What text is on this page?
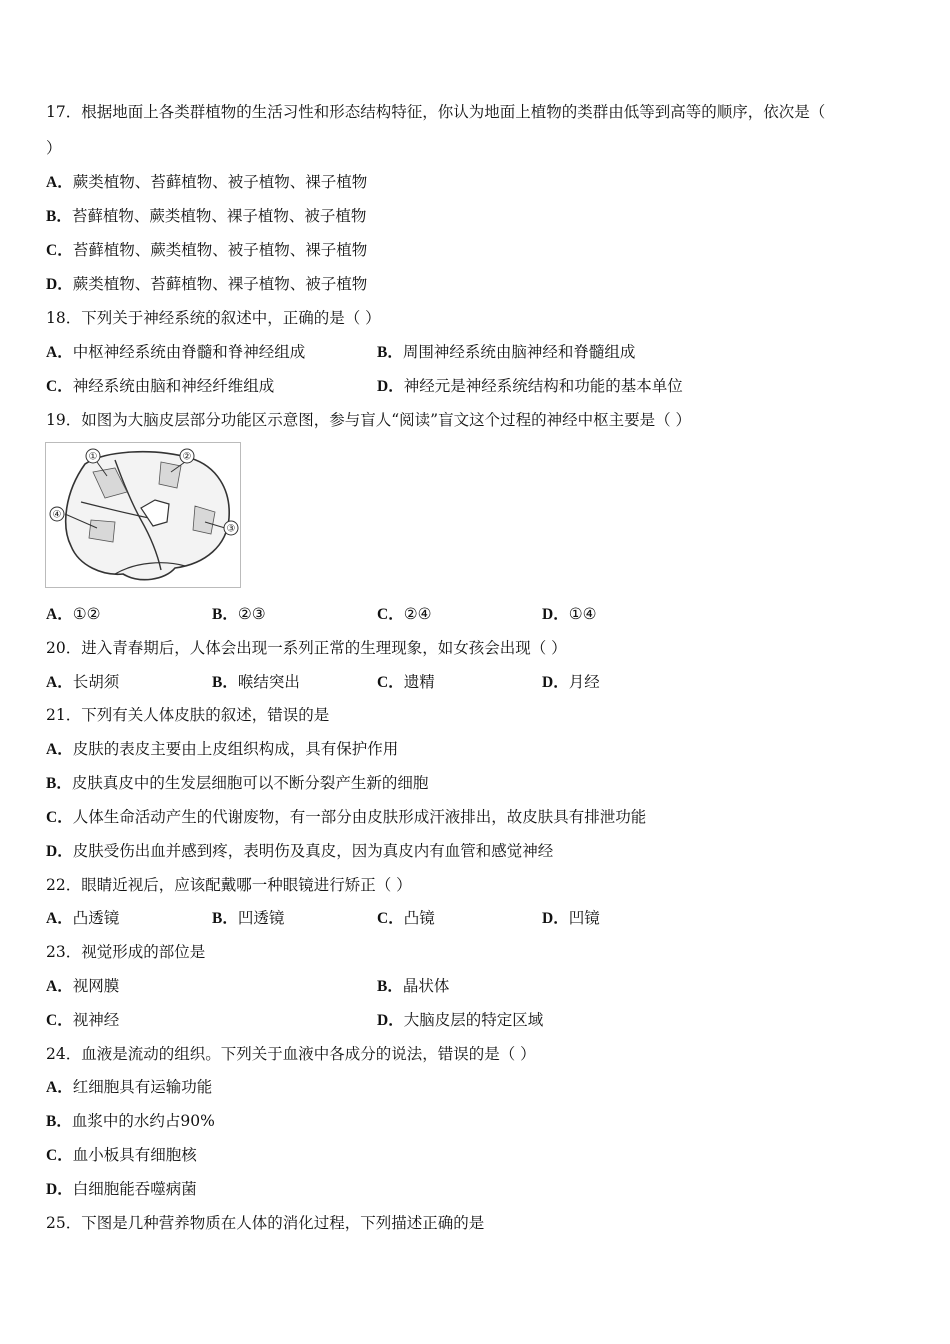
17．根据地面上各类群植物的生活习性和形态结构特征，你认为地面上植物的类群由低等到高等的顺序，依次是（
）
A．蕨类植物、苔藓植物、被子植物、裸子植物
B．苔藓植物、蕨类植物、裸子植物、被子植物
C．苔藓植物、蕨类植物、被子植物、裸子植物
D．蕨类植物、苔藓植物、裸子植物、被子植物
18．下列关于神经系统的叙述中，正确的是（ ）
A．中枢神经系统由脊髓和脊神经组成	B．周围神经系统由脑神经和脊髓组成
C．神经系统由脑和神经纤维组成	D．神经元是神经系统结构和功能的基本单位
19．如图为大脑皮层部分功能区示意图，参与盲人“阅读”盲文这个过程的神经中枢主要是（ ）
①	②
③
④
A．①②	B．②③	C．②④	D．①④
20．进入青春期后，人体会出现一系列正常的生理现象，如女孩会出现（ ）
A．长胡须	B．喉结突出	C．遗精	D．月经
21．下列有关人体皮肤的叙述，错误的是
A．皮肤的表皮主要由上皮组织构成，具有保护作用
B．皮肤真皮中的生发层细胞可以不断分裂产生新的细胞
C．人体生命活动产生的代谢废物，有一部分由皮肤形成汗液排出，故皮肤具有排泄功能
D．皮肤受伤出血并感到疼，表明伤及真皮，因为真皮内有血管和感觉神经
22．眼睛近视后，应该配戴哪一种眼镜进行矫正（ ）
A．凸透镜	B．凹透镜	C．凸镜	D．凹镜
23．视觉形成的部位是
A．视网膜	B．晶状体
C．视神经	D．大脑皮层的特定区域
24．血液是流动的组织。下列关于血液中各成分的说法，错误的是（ ）
A．红细胞具有运输功能
B．血浆中的水约占90%
C．血小板具有细胞核
D．白细胞能吞噬病菌
25．下图是几种营养物质在人体的消化过程，下列描述正确的是
